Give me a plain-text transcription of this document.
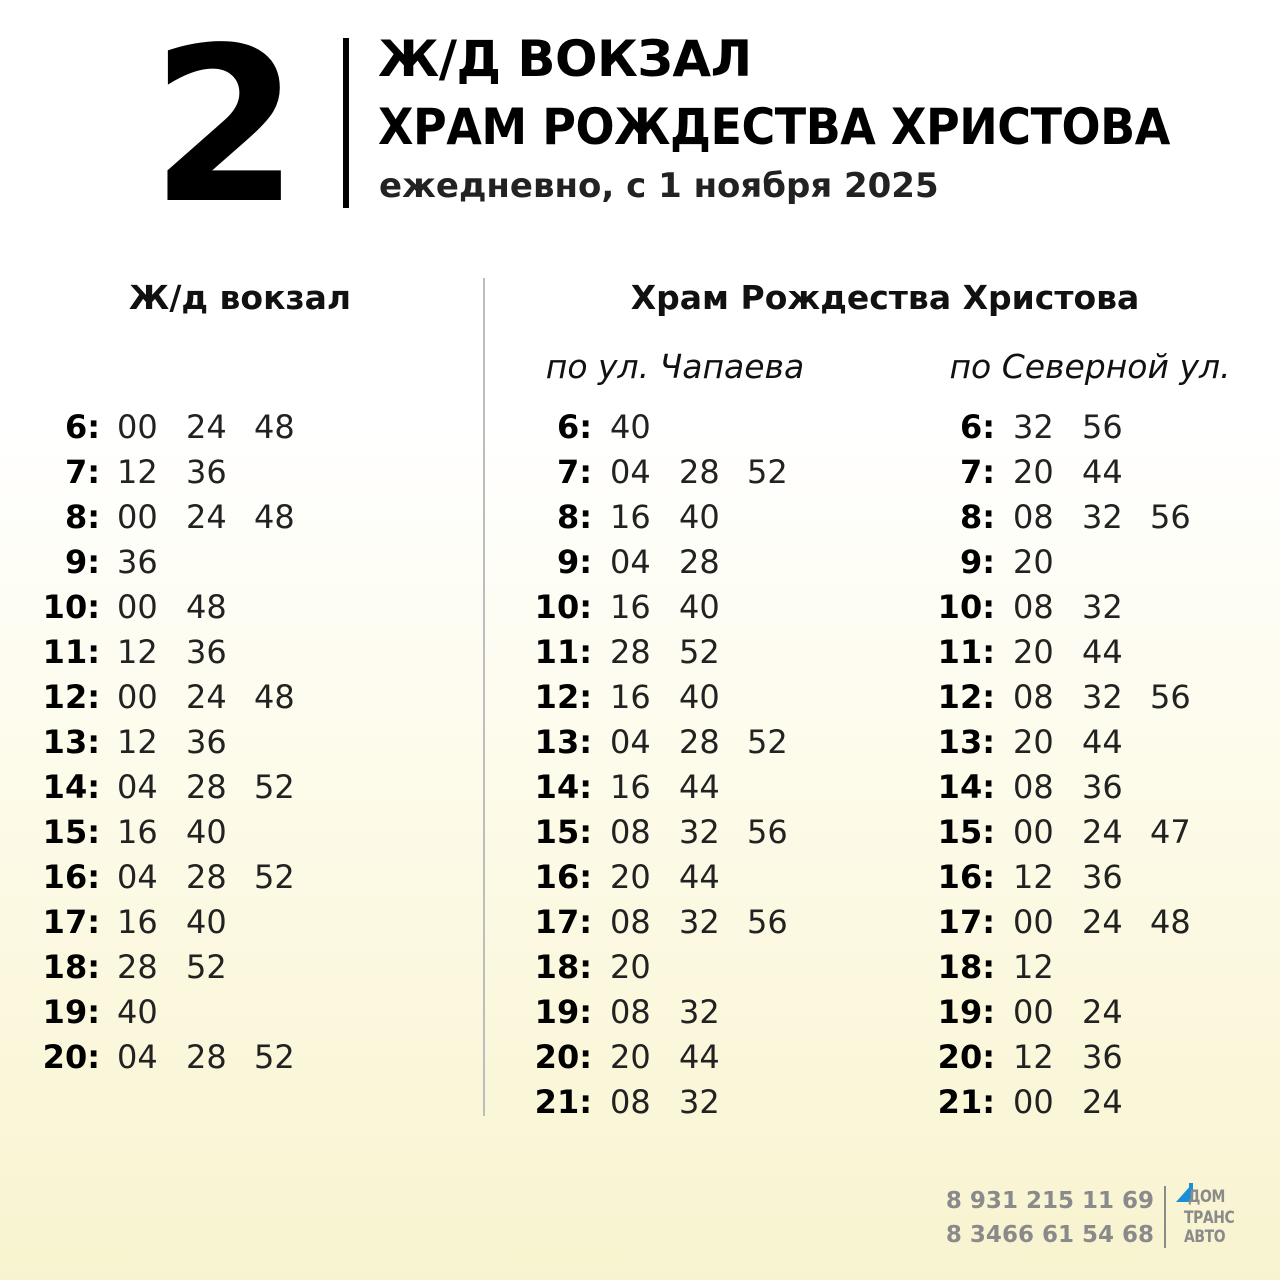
2	Ж/Д ВОКЗАЛ
ХРАМ РОЖДЕСТВА ХРИСТОВА
ежедневно, с 1 ноября 2025
Ж/д вокзал	Храм Рождества Христова
по ул. Чапаева	по Северной ул.
6: 00 24 48
7: 12 36
8: 00 24 48
9: 36
10: 00 48
11: 12 36
12: 00 24 48
13: 12 36
14: 04 28 52
15: 16 40
16: 04 28 52
17: 16 40
18: 28 52
19: 40
20: 04 28 52
6: 40
7: 04 28 52
8: 16 40
9: 04 28
10: 16 40
11: 28 52
12: 16 40
13: 04 28 52
14: 16 44
15: 08 32 56
16: 20 44
17: 08 32 56
18: 20
19: 08 32
20: 20 44
21: 08 32
6: 32 56
7: 20 44
8: 08 32 56
9: 20
10: 08 32
11: 20 44
12: 08 32 56
13: 20 44
14: 08 36
15: 00 24 47
16: 12 36
17: 00 24 48
18: 12
19: 00 24
20: 12 36
21: 00 24
8 931 215 11 69
8 3466 61 54 68
ДОМ
ТРАНС
АВТО
